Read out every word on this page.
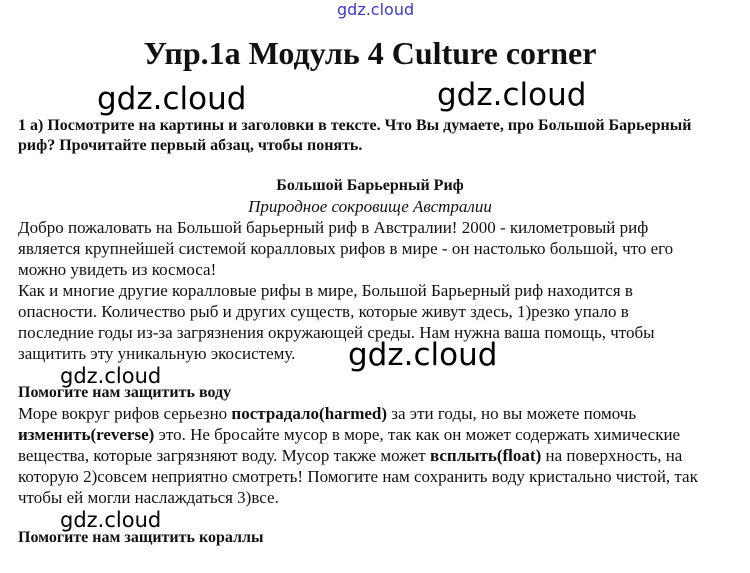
gdz.cloud
Упр.1а Модуль 4 Culture corner
gdz.cloud	gdz.cloud
1 а) Посмотрите на картины и заголовки в тексте. Что Вы думаете, про Большой Барьерный риф? Прочитайте первый абзац, чтобы понять.
Большой Барьерный Риф
Природное сокровище Австралии

Добро пожаловать на Большой барьерный риф в Австралии! 2000 - километровый риф является крупнейшей системой коралловых рифов в мире - он настолько большой, что его можно увидеть из космоса!

Как и многие другие коралловые рифы в мире, Большой Барьерный риф находится в опасности. Количество рыб и других существ, которые живут здесь, 1)резко упало в последние годы из-за загрязнения окружающей среды. Нам нужна ваша помощь, чтобы защитить эту уникальную экосистему.	gdz.cloud
gdz.cloud
Помогите нам защитить воду

Море вокруг рифов серьезно пострадало(harmed) за эти годы, но вы можете помочь изменить(reverse) это. Не бросайте мусор в море, так как он может содержать химические вещества, которые загрязняют воду. Мусор также может всплыть(float) на поверхность, на которую 2)совсем неприятно смотреть! Помогите нам сохранить воду кристально чистой, так чтобы ей могли наслаждаться 3)все.

gdz.cloud
Помогите нам защитить кораллы
